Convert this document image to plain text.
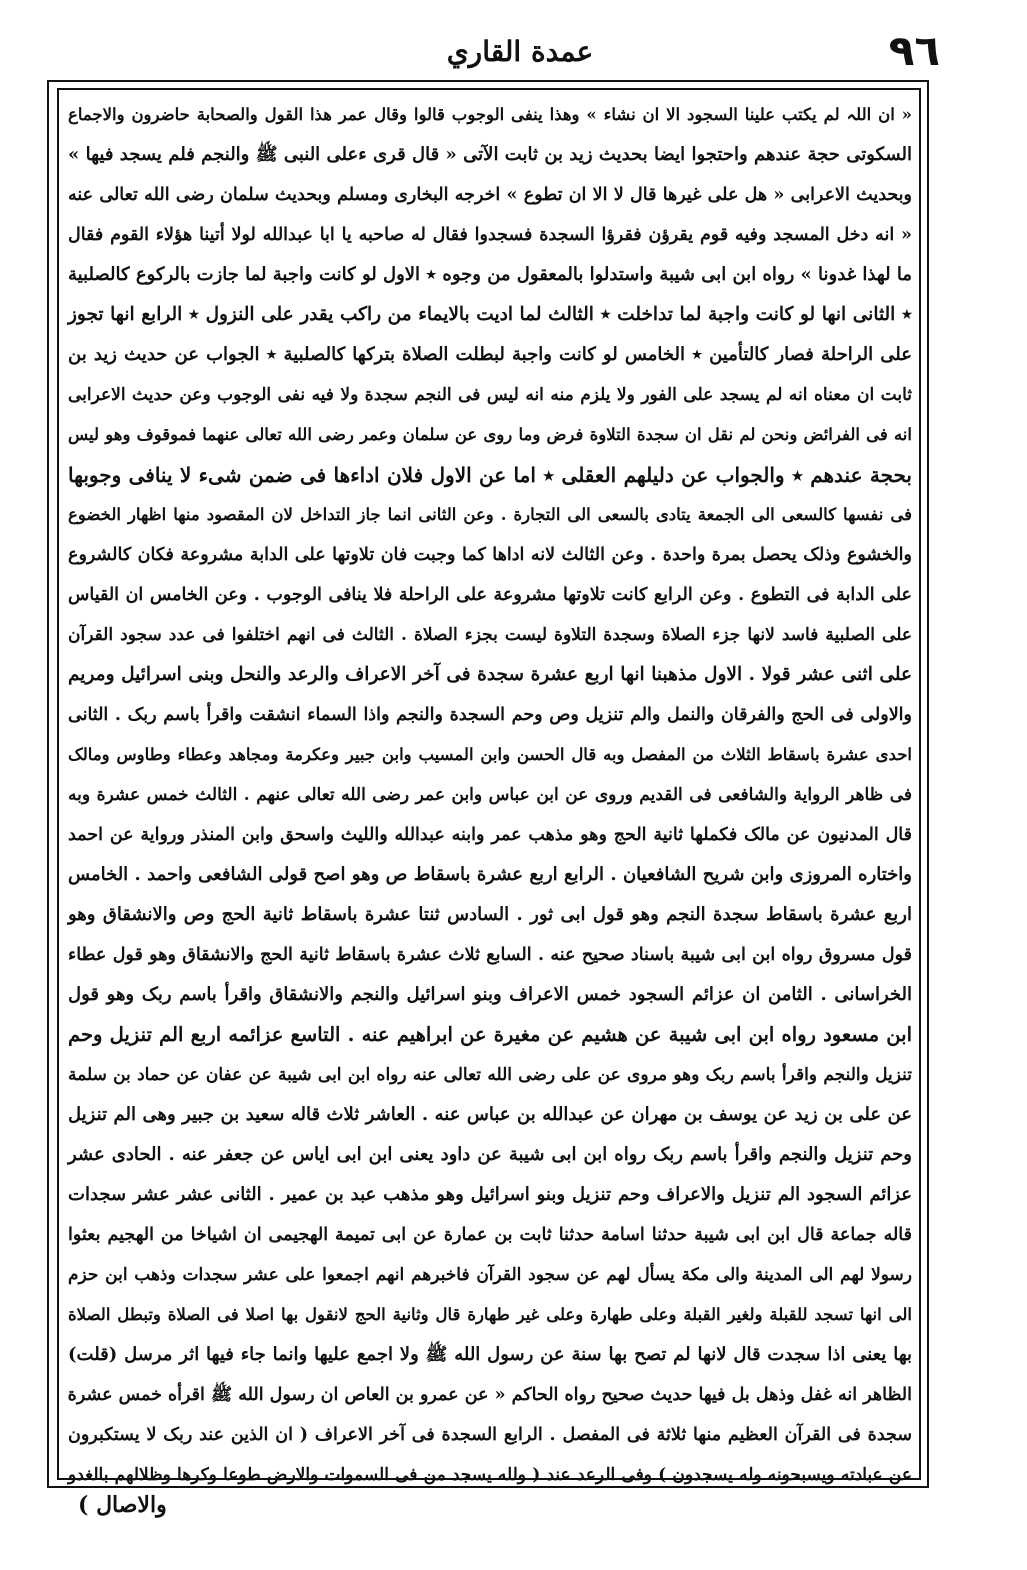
٩٦
عمدة القاري
« ان اللہ لم یکتب علینا السجود الا ان نشاء » وهذا ینفی الوجوب قالوا وقال عمر هذا القول والصحابة حاضرون والاجماع
السکوتی حجة عندهم واحتجوا ایضا بحدیث زید بن ثابت الآتی « قال قری ءعلی النبی ﷺ والنجم فلم یسجد فیها »
وبحدیث الاعرابی « هل علی غیرها قال لا الا ان تطوع » اخرجه البخاری ومسلم وبحدیث سلمان رضی الله تعالى عنه
« انه دخل المسجد وفیه قوم یقرؤن فقرؤا السجدة فسجدوا فقال له صاحبه یا ابا عبدالله لولا أتینا هؤلاء القوم فقال
ما لهذا غدونا » رواه ابن ابی شیبة واستدلوا بالمعقول من وجوه ٭ الاول لو کانت واجبة لما جازت بالرکوع کالصلبیة
٭ الثانی انها لو کانت واجبة لما تداخلت ٭ الثالث لما ادیت بالایماء من راکب یقدر علی النزول ٭ الرابع انها تجوز
علی الراحلة فصار کالتأمین ٭ الخامس لو کانت واجبة لبطلت الصلاة بترکها کالصلبیة ٭ الجواب عن حدیث زید بن
ثابت ان معناه انه لم یسجد علی الفور ولا یلزم منه انه لیس فی النجم سجدة ولا فیه نفی الوجوب وعن حدیث الاعرابی
انه فی الفرائض ونحن لم نقل ان سجدة التلاوة فرض وما روی عن سلمان وعمر رضی الله تعالى عنهما فموقوف وهو لیس
بحجة عندهم ٭ والجواب عن دلیلهم العقلی ٭ اما عن الاول فلان اداءها فی ضمن شیء لا ینافی وجوبها
فی نفسها کالسعی الی الجمعة یتادی بالسعی الی التجارة . وعن الثانی انما جاز التداخل لان المقصود منها اظهار الخضوع
والخشوع وذلک یحصل بمرة واحدة . وعن الثالث لانه اداها کما وجبت فان تلاوتها علی الدابة مشروعة فکان کالشروع
علی الدابة فی التطوع . وعن الرابع کانت تلاوتها مشروعة علی الراحلة فلا ینافی الوجوب . وعن الخامس ان القیاس
علی الصلبیة فاسد لانها جزء الصلاة وسجدة التلاوة لیست بجزء الصلاة . الثالث فی انهم اختلفوا فی عدد سجود القرآن
علی اثنی عشر قولا . الاول مذهبنا انها اربع عشرة سجدة فی آخر الاعراف والرعد والنحل وبنی اسرائیل ومریم
والاولی فی الحج والفرقان والنمل والم تنزیل وص وحم السجدة والنجم واذا السماء انشقت واقرأ باسم ربک . الثانی
احدی عشرة باسقاط الثلاث من المفصل وبه قال الحسن وابن المسیب وابن جبیر وعکرمة ومجاهد وعطاء وطاوس ومالک
فی ظاهر الروایة والشافعی فی القدیم وروی عن ابن عباس وابن عمر رضی الله تعالى عنهم . الثالث خمس عشرة وبه
قال المدنیون عن مالک فکملها ثانیة الحج وهو مذهب عمر وابنه عبدالله واللیث واسحق وابن المنذر ورواية عن احمد
واختاره المروزی وابن شریح الشافعیان . الرابع اربع عشرة باسقاط ص وهو اصح قولی الشافعی واحمد . الخامس
اربع عشرة باسقاط سجدة النجم وهو قول ابی ثور . السادس ثنتا عشرة باسقاط ثانیة الحج وص والانشقاق وهو
قول مسروق رواه ابن ابی شیبة باسناد صحیح عنه . السابع ثلاث عشرة باسقاط ثانیة الحج والانشقاق وهو قول عطاء
الخراسانی . الثامن ان عزائم السجود خمس الاعراف وبنو اسرائیل والنجم والانشقاق واقرأ باسم ربک وهو قول
ابن مسعود رواه ابن ابی شیبة عن هشیم عن مغیرة عن ابراهیم عنه . التاسع عزائمه اربع الم تنزیل وحم
تنزیل والنجم واقرأ باسم ربک وهو مروی عن علی رضی الله تعالى عنه رواه ابن ابی شیبة عن عفان عن حماد بن سلمة
عن علی بن زید عن یوسف بن مهران عن عبدالله بن عباس عنه . العاشر ثلاث قاله سعید بن جبیر وهی الم تنزیل
وحم تنزیل والنجم واقرأ باسم ربک رواه ابن ابی شیبة عن داود یعنی ابن ابی ایاس عن جعفر عنه . الحادی عشر
عزائم السجود الم تنزیل والاعراف وحم تنزیل وبنو اسرائیل وهو مذهب عبد بن عمیر . الثانی عشر عشر سجدات
قاله جماعة قال ابن ابی شیبة حدثنا اسامة حدثنا ثابت بن عمارة عن ابی تمیمة الهجیمی ان اشیاخا من الهجیم بعثوا
رسولا لهم الی المدینة والی مکة یسأل لهم عن سجود القرآن فاخبرهم انهم اجمعوا علی عشر سجدات وذهب ابن حزم
الی انها تسجد للقبلة ولغیر القبلة وعلی طهارة وعلی غیر طهارة قال وثانیة الحج لانقول بها اصلا فی الصلاة وتبطل الصلاة
بها یعنی اذا سجدت قال لانها لم تصح بها سنة عن رسول الله ﷺ ولا اجمع علیها وانما جاء فیها اثر مرسل (قلت)
الظاهر انه غفل وذهل بل فیها حدیث صحیح رواه الحاکم « عن عمرو بن العاص ان رسول الله ﷺ اقرأه خمس عشرة
سجدة فی القرآن العظیم منها ثلاثة فی المفصل . الرابع السجدة فی آخر الاعراف ( ان الذین عند ربک لا یستکبرون
عن عبادته ویسبحونه وله یسجدون ) وفی الرعد عند ( ولله یسجد من فی السموات والارض طوعا وکرها وظلالهم بالغدو
والاصال )
